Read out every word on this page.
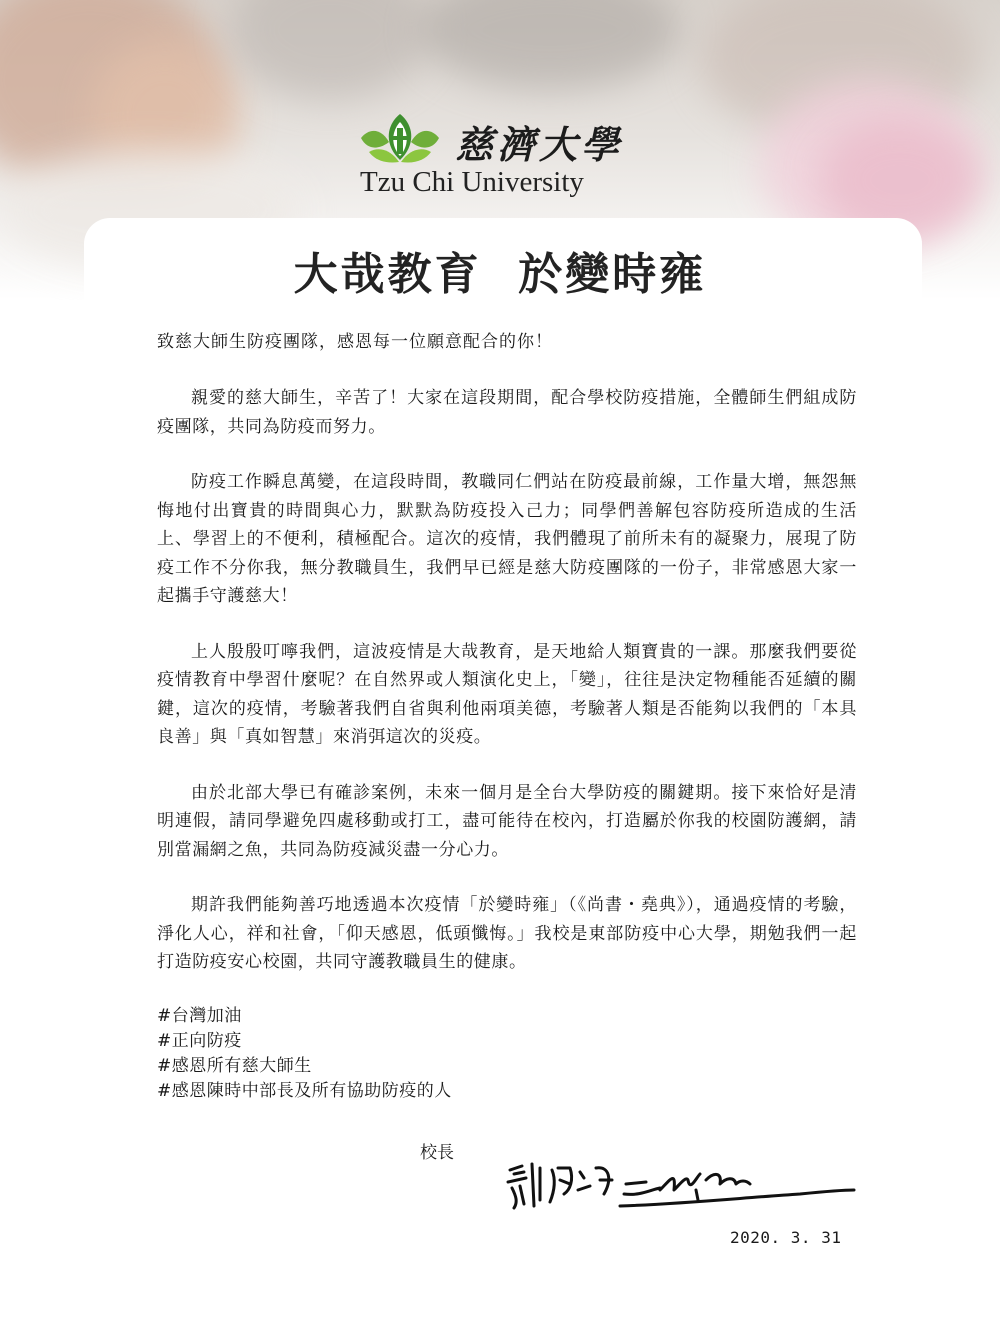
慈濟大學
Tzu Chi University
大哉教育  於變時雍

致慈大師生防疫團隊，感恩每一位願意配合的你！

親愛的慈大師生，辛苦了！大家在這段期間，配合學校防疫措施，全體師生們組成防疫團隊，共同為防疫而努力。

防疫工作瞬息萬變，在這段時間，教職同仁們站在防疫最前線，工作量大增，無怨無悔地付出寶貴的時間與心力，默默為防疫投入己力；同學們善解包容防疫所造成的生活上、學習上的不便利，積極配合。這次的疫情，我們體現了前所未有的凝聚力，展現了防疫工作不分你我，無分教職員生，我們早已經是慈大防疫團隊的一份子，非常感恩大家一起攜手守護慈大！

上人殷殷叮嚀我們，這波疫情是大哉教育，是天地給人類寶貴的一課。那麼我們要從疫情教育中學習什麼呢？在自然界或人類演化史上，「變」，往往是決定物種能否延續的關鍵，這次的疫情，考驗著我們自省與利他兩項美德，考驗著人類是否能夠以我們的「本具良善」與「真如智慧」來消弭這次的災疫。

由於北部大學已有確診案例，未來一個月是全台大學防疫的關鍵期。接下來恰好是清明連假，請同學避免四處移動或打工，盡可能待在校內，打造屬於你我的校園防護網，請別當漏網之魚，共同為防疫減災盡一分心力。

期許我們能夠善巧地透過本次疫情「於變時雍」（《尚書・堯典》），通過疫情的考驗，淨化人心，祥和社會，「仰天感恩，低頭懺悔。」我校是東部防疫中心大學，期勉我們一起打造防疫安心校園，共同守護教職員生的健康。

#台灣加油
#正向防疫
#感恩所有慈大師生
#感恩陳時中部長及所有協助防疫的人
校長
2020. 3. 31
